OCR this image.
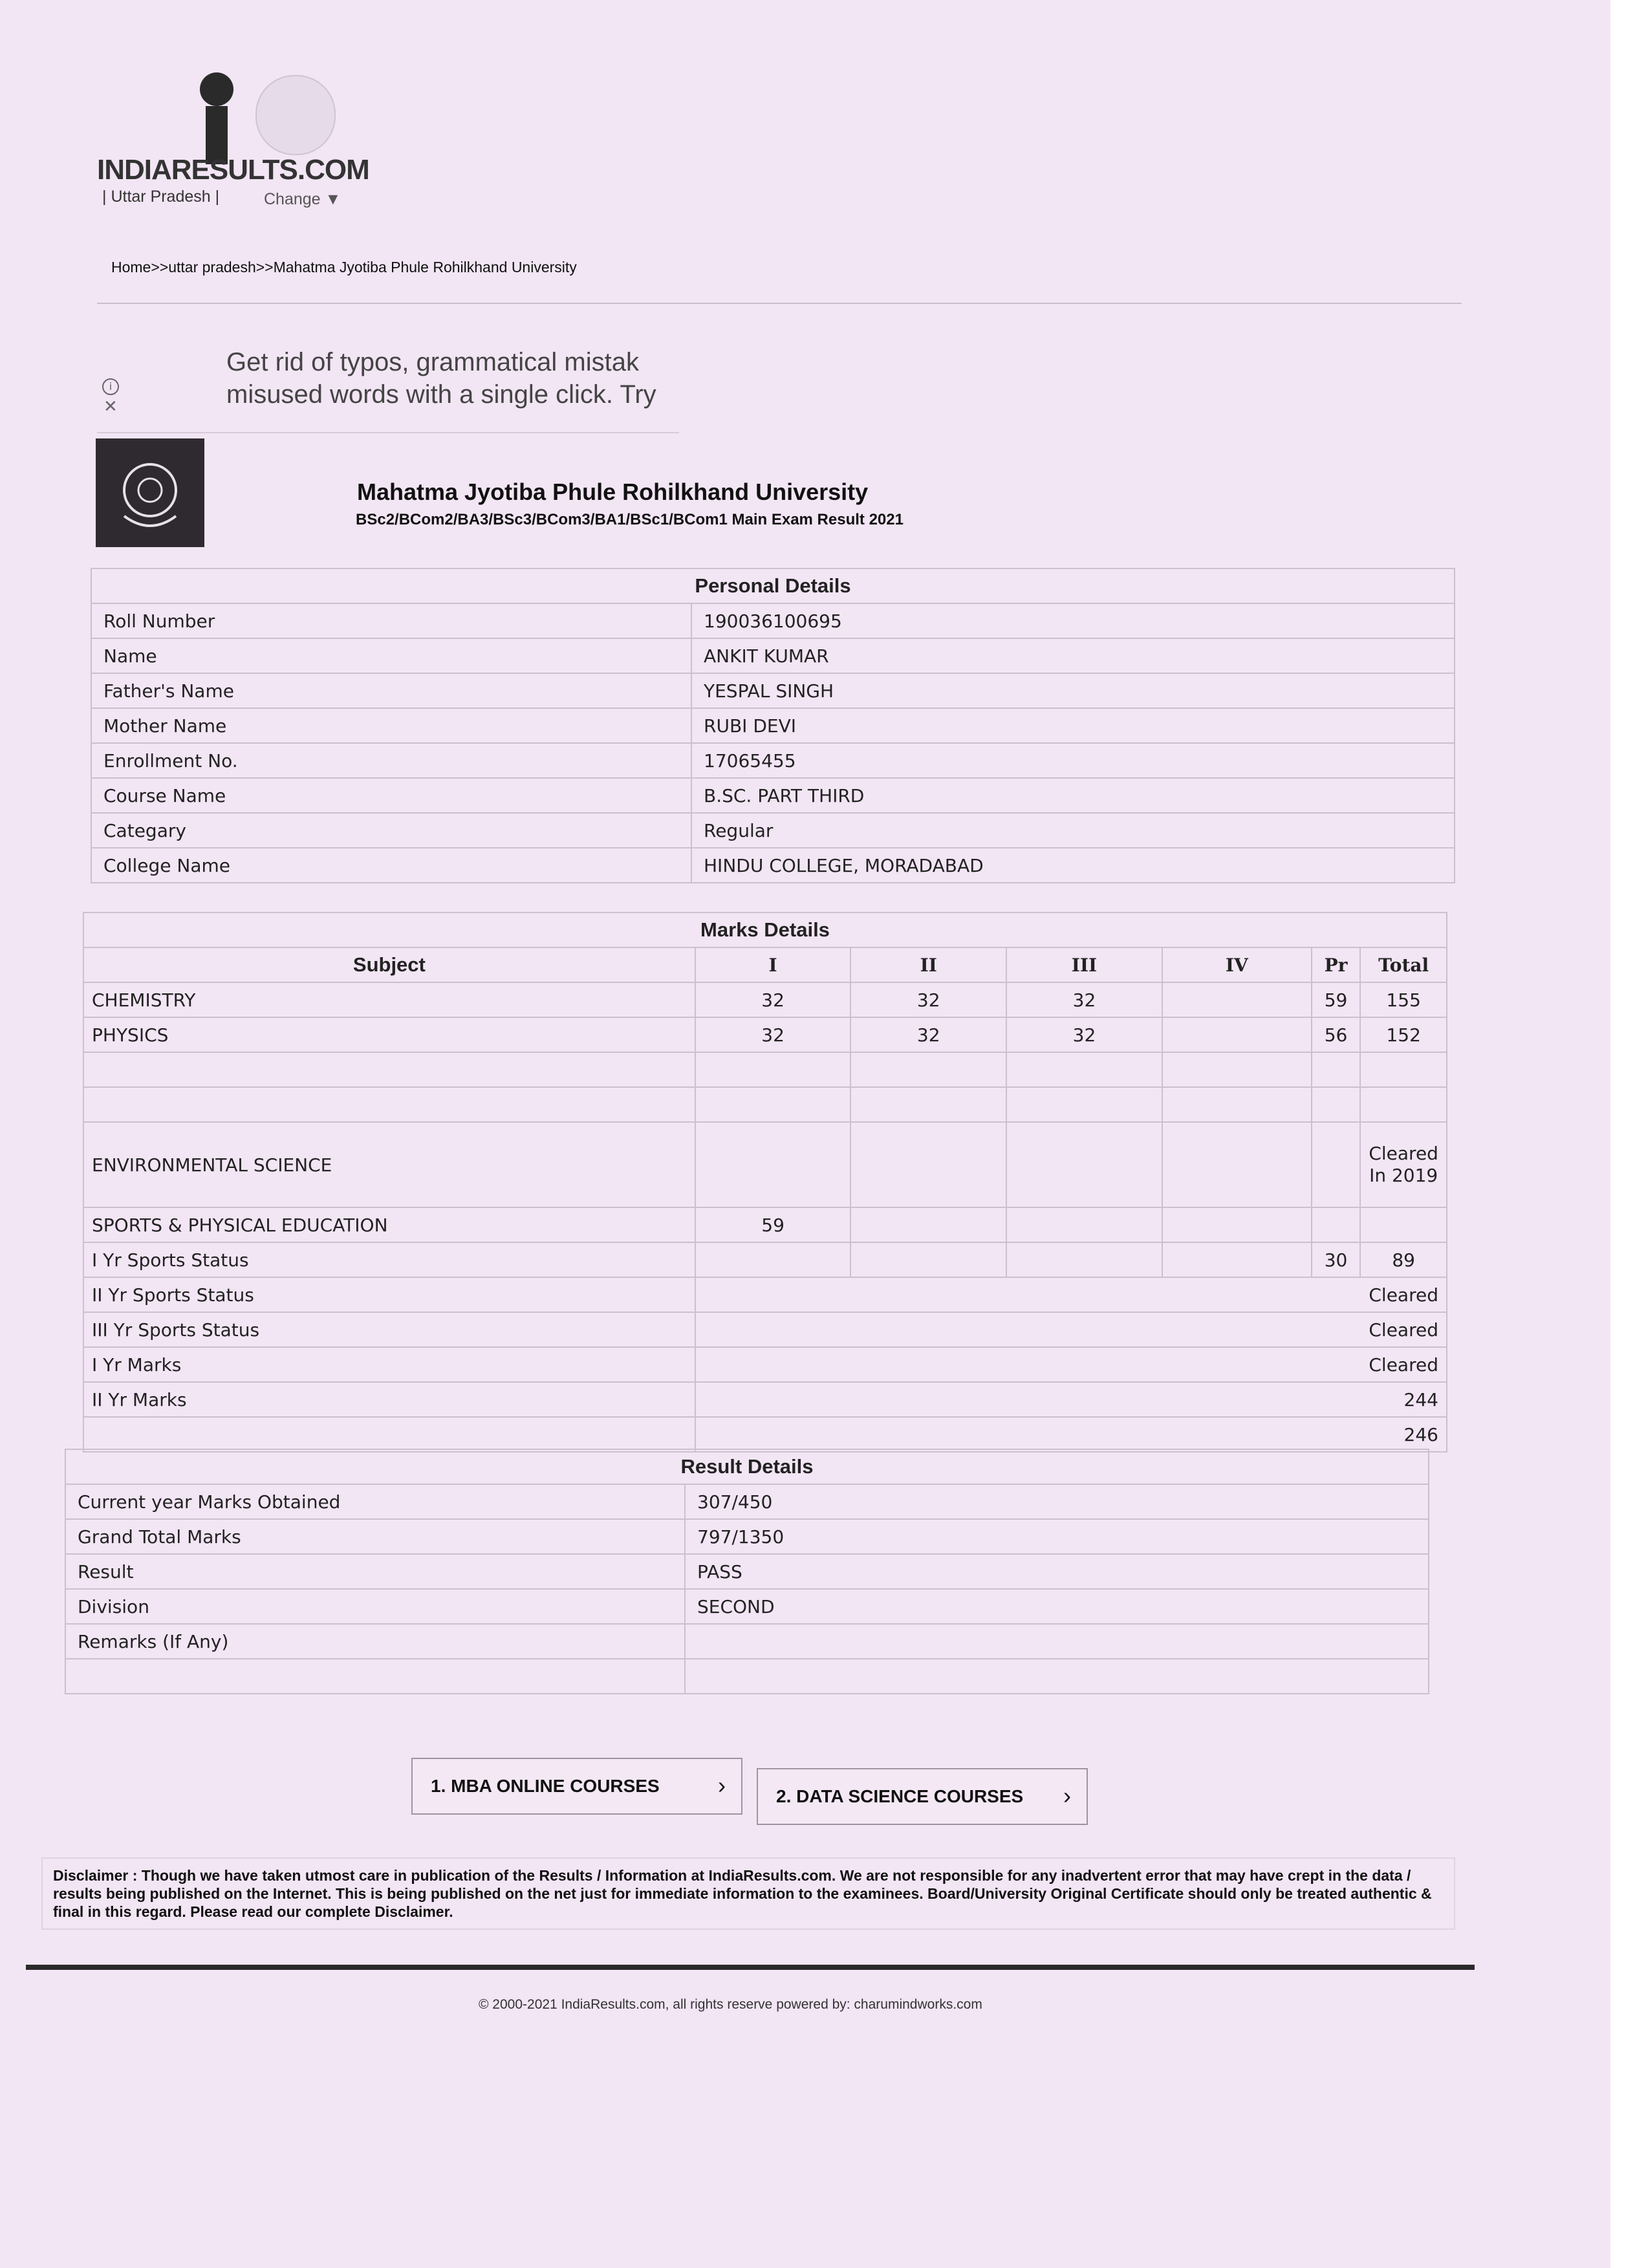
INDIARESULTS.COM
| Uttar Pradesh |	Change ▼
Home>>uttar pradesh>>Mahatma Jyotiba Phule Rohilkhand University
Get rid of typos, grammatical mistak
misused words with a single click. Try
i
✕
Mahatma Jyotiba Phule Rohilkhand University
BSc2/BCom2/BA3/BSc3/BCom3/BA1/BSc1/BCom1 Main Exam Result 2021
Personal Details	
Roll Number	190036100695
Name	ANKIT KUMAR
Father's Name	YESPAL SINGH
Mother Name	RUBI DEVI
Enrollment No.	17065455
Course Name	B.SC. PART THIRD
Categary	Regular
College Name	HINDU COLLEGE, MORADABAD
Marks Details						
Subject	I	II	III	IV	Pr	Total
CHEMISTRY	32	32	32		59	155
PHYSICS	32	32	32		56	152

ENVIRONMENTAL SCIENCE						Cleared In 2019
SPORTS & PHYSICAL EDUCATION	59					
I Yr Sports Status					30	89
II Yr Sports Status	Cleared					
III Yr Sports Status	Cleared					
I Yr Marks	Cleared					
II Yr Marks	244					
	246					
Result Details	
Current year Marks Obtained	307/450
Grand Total Marks	797/1350
Result	PASS
Division	SECOND
Remarks (If Any)	

1. MBA ONLINE COURSES	›	2. DATA SCIENCE COURSES ›
Disclaimer : Though we have taken utmost care in publication of the Results / Information at IndiaResults.com. We are not responsible for any inadvertent error that may have crept in the data / results being published on the Internet. This is being published on the net just for immediate information to the examinees. Board/University Original Certificate should only be treated authentic & final in this regard. Please read our complete Disclaimer.
© 2000-2021 IndiaResults.com, all rights reserve powered by: charumindworks.com
